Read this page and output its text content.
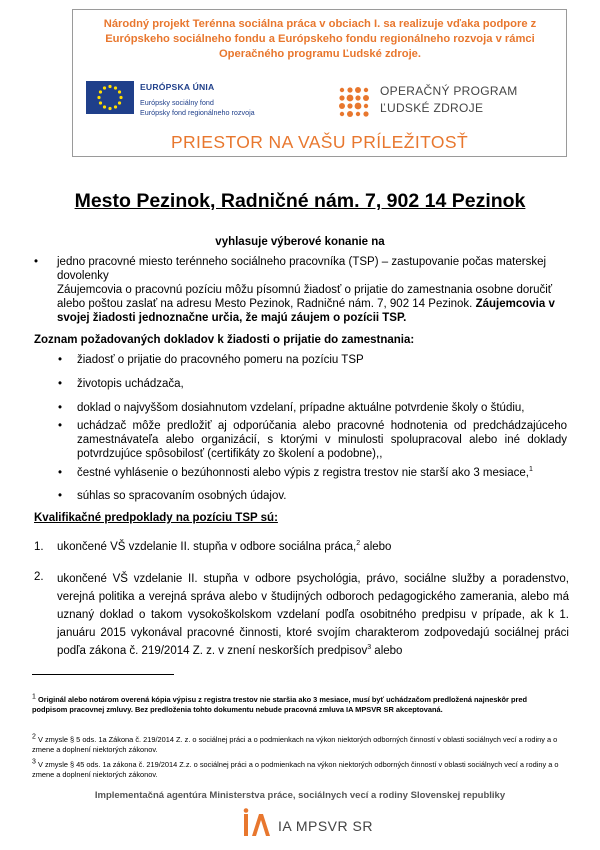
Národný projekt Terénna sociálna práca v obciach I. sa realizuje vďaka podpore z Európskeho sociálneho fondu a Európskeho fondu regionálneho rozvoja v rámci Operačného programu Ľudské zdroje.
EURÓPSKA ÚNIA
Európsky sociálny fond
Európsky fond regionálneho rozvoja
OPERAČNÝ PROGRAM
ĽUDSKÉ ZDROJE
PRIESTOR NA VAŠU PRÍLEŽITOSŤ
Mesto Pezinok, Radničné nám. 7, 902 14 Pezinok
vyhlasuje výberové konanie na
• jedno pracovné miesto terénneho sociálneho pracovníka (TSP) – zastupovanie počas materskej dovolenky
Záujemcovia o pracovnú pozíciu môžu písomnú žiadosť o prijatie do zamestnania osobne doručiť alebo poštou zaslať na adresu Mesto Pezinok, Radničné nám. 7, 902 14 Pezinok. Záujemcovia v svojej žiadosti jednoznačne určia, že majú záujem o pozícii TSP.
Zoznam požadovaných dokladov k žiadosti o prijatie do zamestnania:
• žiadosť o prijatie do pracovného pomeru na pozíciu TSP
• životopis uchádzača,
• doklad o najvyššom dosiahnutom vzdelaní, prípadne aktuálne potvrdenie školy o štúdiu,
• uchádzač môže predložiť aj odporúčania alebo pracovné hodnotenia od predchádzajúceho zamestnávateľa alebo organizácií, s ktorými v minulosti spolupracoval alebo iné doklady potvrdzujúce spôsobilosť (certifikáty zo školení a podobne),,
• čestné vyhlásenie o bezúhonnosti alebo výpis z registra trestov nie starší ako 3 mesiace,$^1$
• súhlas so spracovaním osobných údajov.
Kvalifikačné predpoklady na pozíciu TSP sú:
1. ukončené VŠ vzdelanie II. stupňa v odbore sociálna práca,$^2$ alebo
2. ukončené VŠ vzdelanie II. stupňa v odbore psychológia, právo, sociálne služby a poradenstvo, verejná politika a verejná správa alebo v študijných odboroch pedagogického zamerania, alebo má uznaný doklad o takom vysokoškolskom vzdelaní podľa osobitného predpisu v prípade, ak k 1. januáru 2015 vykonával pracovné činnosti, ktoré svojím charakterom zodpovedajú sociálnej práci podľa zákona č. 219/2014 Z. z. v znení neskorších predpisov$^3$ alebo
$^1$ Originál alebo notárom overená kópia výpisu z registra trestov nie staršia ako 3 mesiace, musí byť uchádzačom predložená najneskôr pred podpisom pracovnej zmluvy. Bez predloženia tohto dokumentu nebude pracovná zmluva IA MPSVR SR akceptovaná.
$^2$ V zmysle § 5 ods. 1a Zákona č. 219/2014 Z. z. o sociálnej práci a o podmienkach na výkon niektorých odborných činností v oblasti sociálnych vecí a rodiny a o zmene a doplnení niektorých zákonov.
$^3$ V zmysle § 45 ods. 1a zákona č. 219/2014 Z.z. o sociálnej práci a o podmienkach na výkon niektorých odborných činností v oblasti sociálnych vecí a rodiny a o zmene a doplnení niektorých zákonov.
Implementačná agentúra Ministerstva práce, sociálnych vecí a rodiny Slovenskej republiky
IA MPSVR SR
